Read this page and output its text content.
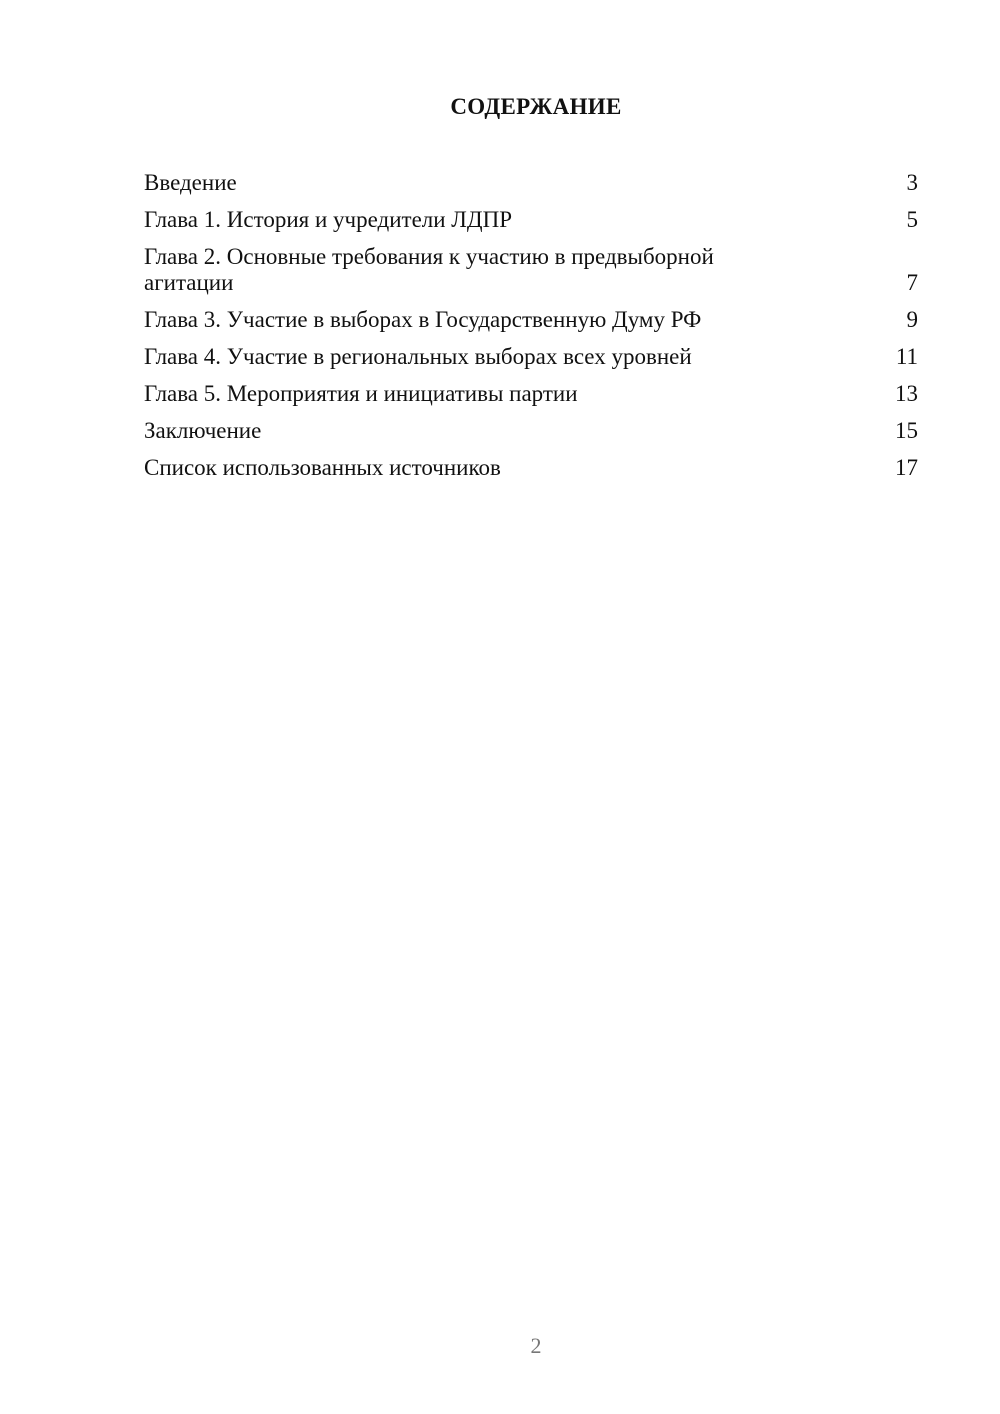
СОДЕРЖАНИЕ
Введение	3
Глава 1. История и учредители ЛДПР	5
Глава 2. Основные требования к участию в предвыборной агитации	7
Глава 3. Участие в выборах в Государственную Думу РФ	9
Глава 4. Участие в региональных выборах всех уровней	11
Глава 5. Мероприятия и инициативы партии	13
Заключение	15
Список использованных источников	17
2
